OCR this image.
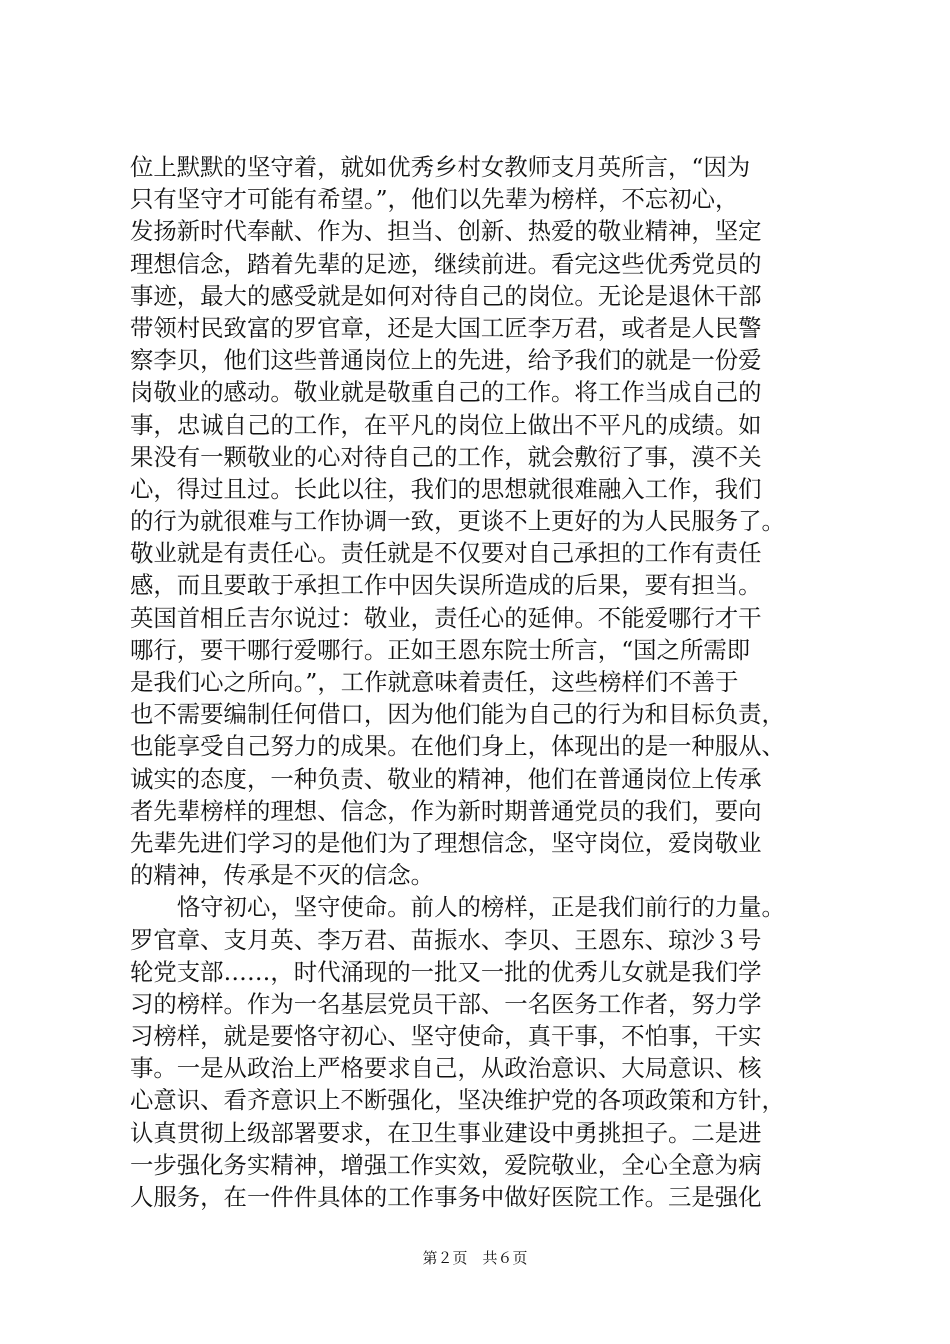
位上默默的坚守着，就如优秀乡村女教师支月英所言，“因为
只有坚守才可能有希望。”，他们以先辈为榜样，不忘初心，
发扬新时代奉献、作为、担当、创新、热爱的敬业精神，坚定
理想信念，踏着先辈的足迹，继续前进。看完这些优秀党员的
事迹，最大的感受就是如何对待自己的岗位。无论是退休干部
带领村民致富的罗官章，还是大国工匠李万君，或者是人民警
察李贝，他们这些普通岗位上的先进，给予我们的就是一份爱
岗敬业的感动。敬业就是敬重自己的工作。将工作当成自己的
事，忠诚自己的工作，在平凡的岗位上做出不平凡的成绩。如
果没有一颗敬业的心对待自己的工作，就会敷衍了事，漠不关
心，得过且过。长此以往，我们的思想就很难融入工作，我们
的行为就很难与工作协调一致，更谈不上更好的为人民服务了。
敬业就是有责任心。责任就是不仅要对自己承担的工作有责任
感，而且要敢于承担工作中因失误所造成的后果，要有担当。
英国首相丘吉尔说过：敬业，责任心的延伸。不能爱哪行才干
哪行，要干哪行爱哪行。正如王恩东院士所言，“国之所需即
是我们心之所向。”，工作就意味着责任，这些榜样们不善于
也不需要编制任何借口，因为他们能为自己的行为和目标负责，
也能享受自己努力的成果。在他们身上，体现出的是一种服从、
诚实的态度，一种负责、敬业的精神，他们在普通岗位上传承
者先辈榜样的理想、信念，作为新时期普通党员的我们，要向
先辈先进们学习的是他们为了理想信念，坚守岗位，爱岗敬业
的精神，传承是不灭的信念。
　　恪守初心，坚守使命。前人的榜样，正是我们前行的力量。
罗官章、支月英、李万君、苗振水、李贝、王恩东、琼沙３号
轮党支部……，时代涌现的一批又一批的优秀儿女就是我们学
习的榜样。作为一名基层党员干部、一名医务工作者，努力学
习榜样，就是要恪守初心、坚守使命，真干事，不怕事，干实
事。一是从政治上严格要求自己，从政治意识、大局意识、核
心意识、看齐意识上不断强化，坚决维护党的各项政策和方针，
认真贯彻上级部署要求，在卫生事业建设中勇挑担子。二是进
一步强化务实精神，增强工作实效，爱院敬业，全心全意为病
人服务，在一件件具体的工作事务中做好医院工作。三是强化
第２页　共６页
